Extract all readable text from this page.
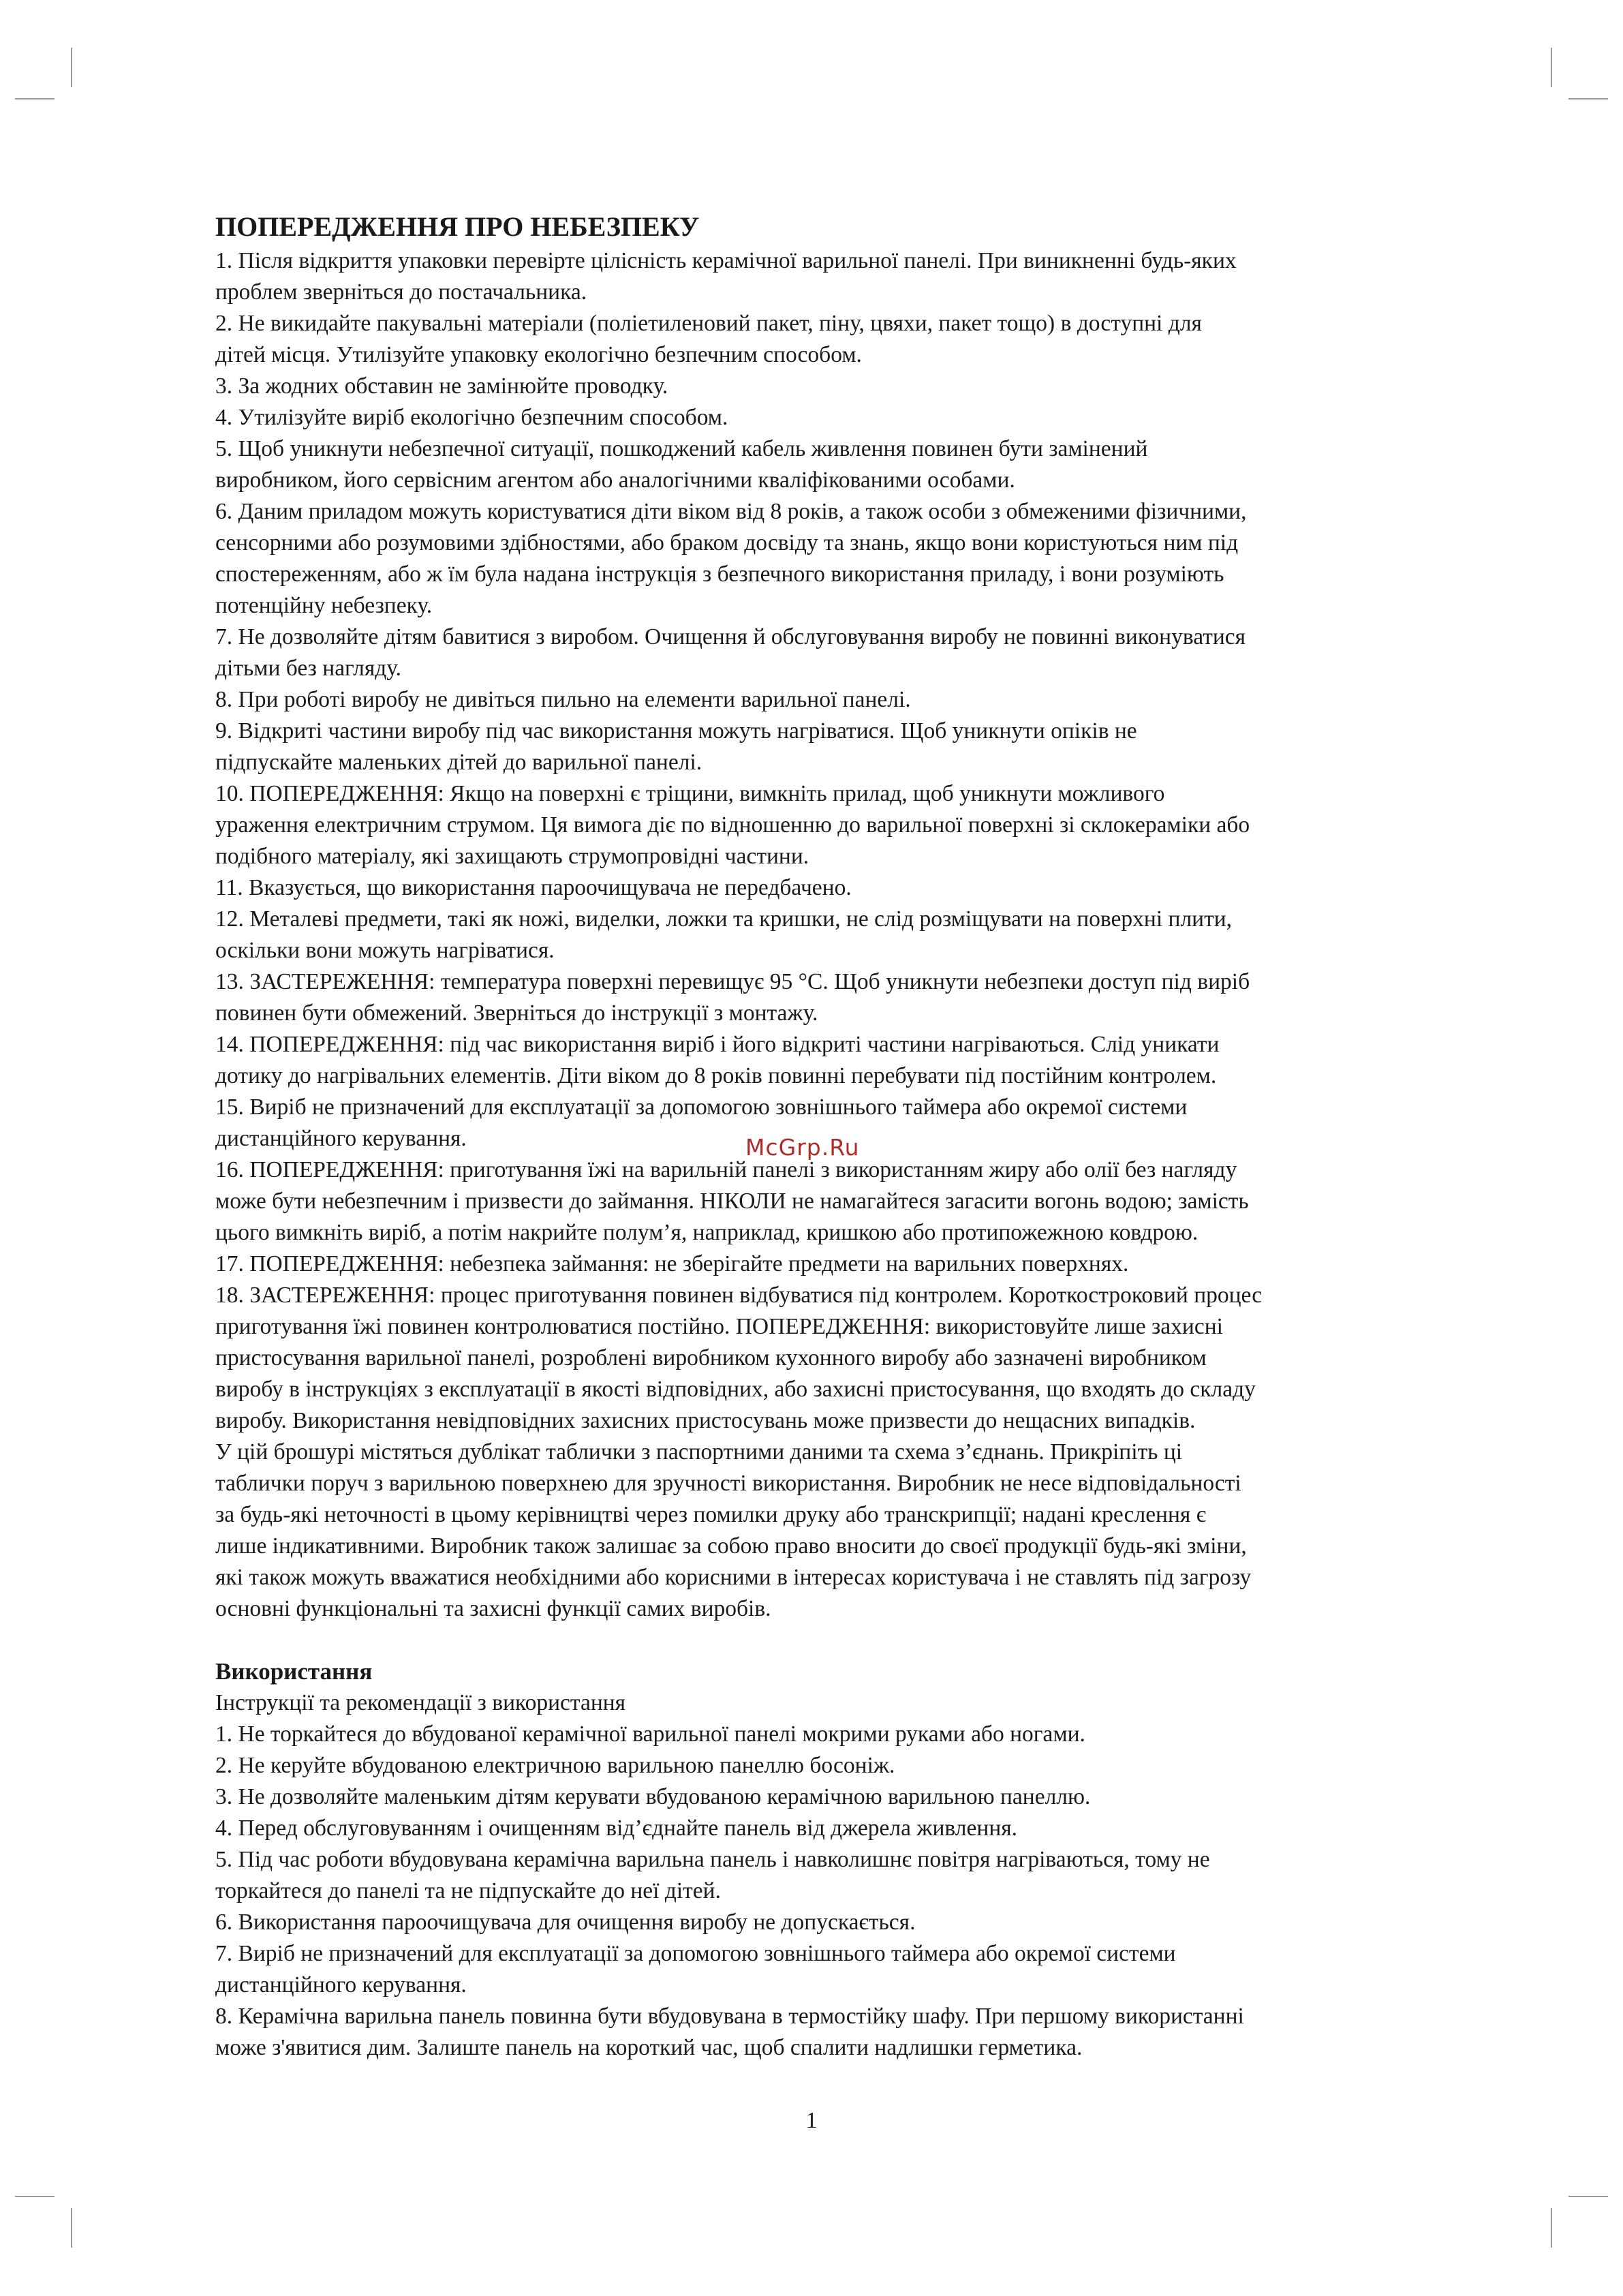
ПОПЕРЕДЖЕННЯ ПРО НЕБЕЗПЕКУ
1. Після відкриття упаковки перевірте цілісність керамічної варильної панелі. При виникненні будь-яких
проблем зверніться до постачальника.
2. Не викидайте пакувальні матеріали (поліетиленовий пакет, піну, цвяхи, пакет тощо) в доступні для
дітей місця. Утилізуйте упаковку екологічно безпечним способом.
3. За жодних обставин не замінюйте проводку.
4. Утилізуйте виріб екологічно безпечним способом.
5. Щоб уникнути небезпечної ситуації, пошкоджений кабель живлення повинен бути замінений
виробником, його сервісним агентом або аналогічними кваліфікованими особами.
6. Даним приладом можуть користуватися діти віком від 8 років, а також особи з обмеженими фізичними,
сенсорними або розумовими здібностями, або браком досвіду та знань, якщо вони користуються ним під
спостереженням, або ж їм була надана інструкція з безпечного використання приладу, і вони розуміють
потенційну небезпеку.
7. Не дозволяйте дітям бавитися з виробом. Очищення й обслуговування виробу не повинні виконуватися
дітьми без нагляду.
8. При роботі виробу не дивіться пильно на елементи варильної панелі.
9. Відкриті частини виробу під час використання можуть нагріватися. Щоб уникнути опіків не
підпускайте маленьких дітей до варильної панелі.
10. ПОПЕРЕДЖЕННЯ: Якщо на поверхні є тріщини, вимкніть прилад, щоб уникнути можливого
ураження електричним струмом. Ця вимога діє по відношенню до варильної поверхні зі склокераміки або
подібного матеріалу, які захищають струмопровідні частини.
11. Вказується, що використання пароочищувача не передбачено.
12. Металеві предмети, такі як ножі, виделки, ложки та кришки, не слід розміщувати на поверхні плити,
оскільки вони можуть нагріватися.
13. ЗАСТЕРЕЖЕННЯ: температура поверхні перевищує 95 °С. Щоб уникнути небезпеки доступ під виріб
повинен бути обмежений. Зверніться до інструкції з монтажу.
14. ПОПЕРЕДЖЕННЯ: під час використання виріб і його відкриті частини нагріваються. Слід уникати
дотику до нагрівальних елементів. Діти віком до 8 років повинні перебувати під постійним контролем.
15. Виріб не призначений для експлуатації за допомогою зовнішнього таймера або окремої системи
дистанційного керування.
16. ПОПЕРЕДЖЕННЯ: приготування їжі на варильній панелі з використанням жиру або олії без нагляду
може бути небезпечним і призвести до займання. НІКОЛИ не намагайтеся загасити вогонь водою; замість
цього вимкніть виріб, а потім накрийте полум’я, наприклад, кришкою або протипожежною ковдрою.
17. ПОПЕРЕДЖЕННЯ: небезпека займання: не зберігайте предмети на варильних поверхнях.
18. ЗАСТЕРЕЖЕННЯ: процес приготування повинен відбуватися під контролем. Короткостроковий процес
приготування їжі повинен контролюватися постійно. ПОПЕРЕДЖЕННЯ: використовуйте лише захисні
пристосування варильної панелі, розроблені виробником кухонного виробу або зазначені виробником
виробу в інструкціях з експлуатації в якості відповідних, або захисні пристосування, що входять до складу
виробу. Використання невідповідних захисних пристосувань може призвести до нещасних випадків.
У цій брошурі містяться дублікат таблички з паспортними даними та схема з’єднань. Прикріпіть ці
таблички поруч з варильною поверхнею для зручності використання. Виробник не несе відповідальності
за будь-які неточності в цьому керівництві через помилки друку або транскрипції; надані креслення є
лише індикативними. Виробник також залишає за собою право вносити до своєї продукції будь-які зміни,
які також можуть вважатися необхідними або корисними в інтересах користувача і не ставлять під загрозу
основні функціональні та захисні функції самих виробів.
Використання
Інструкції та рекомендації з використання
1. Не торкайтеся до вбудованої керамічної варильної панелі мокрими руками або ногами.
2. Не керуйте вбудованою електричною варильною панеллю босоніж.
3. Не дозволяйте маленьким дітям керувати вбудованою керамічною варильною панеллю.
4. Перед обслуговуванням і очищенням від’єднайте панель від джерела живлення.
5. Під час роботи вбудовувана керамічна варильна панель і навколишнє повітря нагріваються, тому не
торкайтеся до панелі та не підпускайте до неї дітей.
6. Використання пароочищувача для очищення виробу не допускається.
7. Виріб не призначений для експлуатації за допомогою зовнішнього таймера або окремої системи
дистанційного керування.
8. Керамічна варильна панель повинна бути вбудовувана в термостійку шафу. При першому використанні
може з'явитися дим. Залиште панель на короткий час, щоб спалити надлишки герметика.
McGrp.Ru
1
